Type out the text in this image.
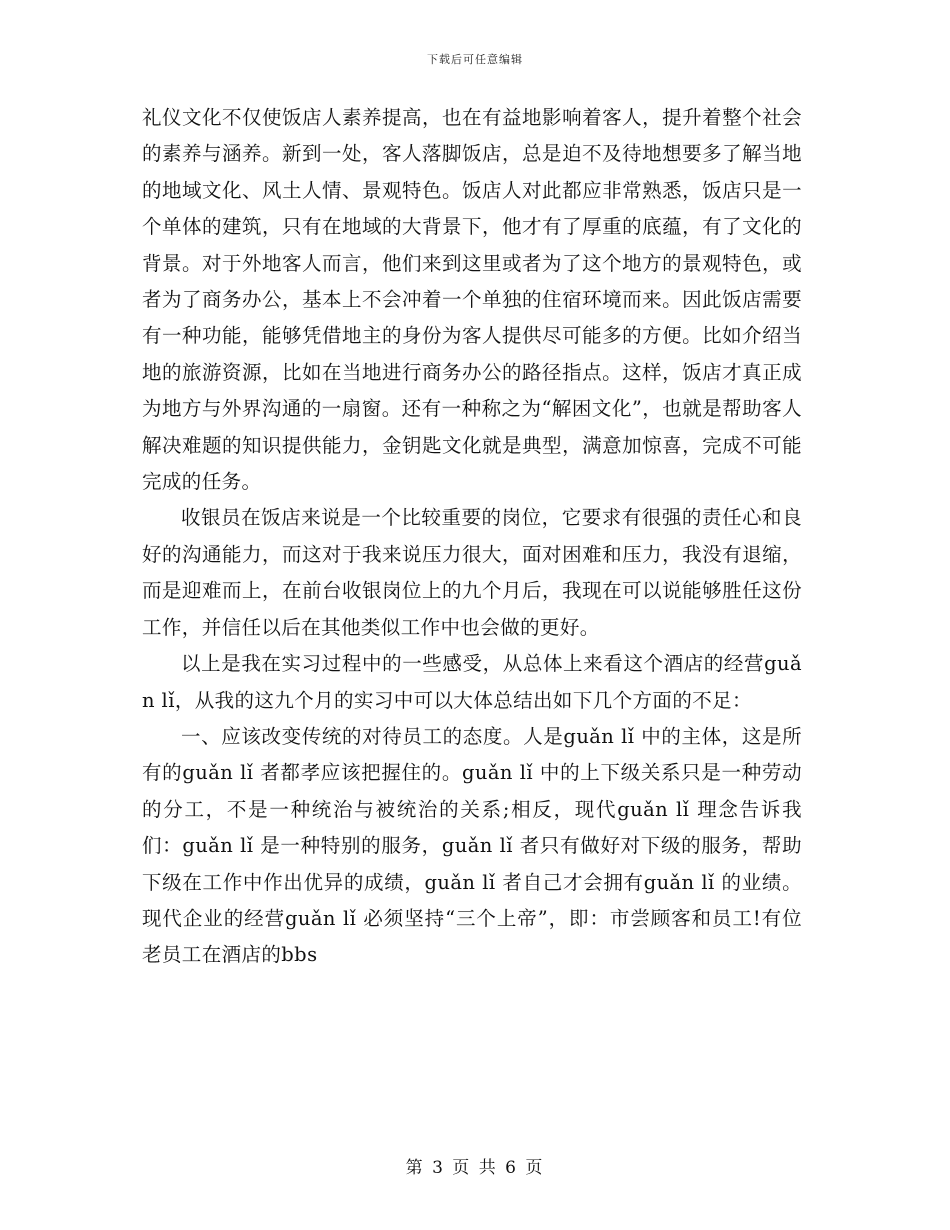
下载后可任意编辑

礼仪文化不仅使饭店人素养提高，也在有益地影响着客人，提升着整个社会的素养与涵养。新到一处，客人落脚饭店，总是迫不及待地想要多了解当地的地域文化、风土人情、景观特色。饭店人对此都应非常熟悉，饭店只是一个单体的建筑，只有在地域的大背景下，他才有了厚重的底蕴，有了文化的背景。对于外地客人而言，他们来到这里或者为了这个地方的景观特色，或者为了商务办公，基本上不会冲着一个单独的住宿环境而来。因此饭店需要有一种功能，能够凭借地主的身份为客人提供尽可能多的方便。比如介绍当地的旅游资源，比如在当地进行商务办公的路径指点。这样，饭店才真正成为地方与外界沟通的一扇窗。还有一种称之为“解困文化”，也就是帮助客人解决难题的知识提供能力，金钥匙文化就是典型，满意加惊喜，完成不可能完成的任务。

收银员在饭店来说是一个比较重要的岗位，它要求有很强的责任心和良好的沟通能力，而这对于我来说压力很大，面对困难和压力，我没有退缩，而是迎难而上，在前台收银岗位上的九个月后，我现在可以说能够胜任这份工作，并信任以后在其他类似工作中也会做的更好。

以上是我在实习过程中的一些感受，从总体上来看这个酒店的经营guǎn lǐ，从我的这九个月的实习中可以大体总结出如下几个方面的不足：

一、应该改变传统的对待员工的态度。人是guǎn lǐ 中的主体，这是所有的guǎn lǐ 者都孝应该把握住的。guǎn lǐ 中的上下级关系只是一种劳动的分工，不是一种统治与被统治的关系;相反，现代guǎn lǐ 理念告诉我们：guǎn lǐ 是一种特别的服务，guǎn lǐ 者只有做好对下级的服务，帮助下级在工作中作出优异的成绩，guǎn lǐ 者自己才会拥有guǎn lǐ 的业绩。现代企业的经营guǎn lǐ 必须坚持“三个上帝”，即：市尝顾客和员工!有位老员工在酒店的bbs

第 3 页 共 6 页
